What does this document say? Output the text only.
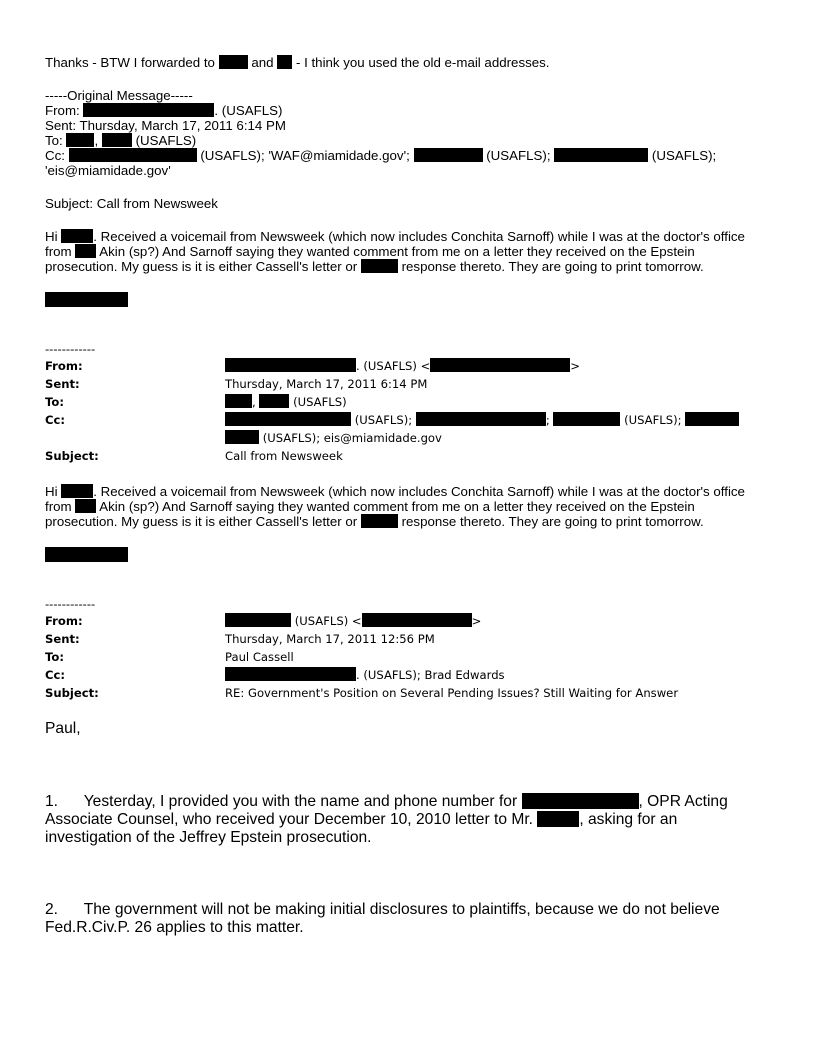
Thanks - BTW I forwarded to	and - I think you used the old e-mail addresses.
-----Original Message-----
From:	. (USAFLS)
Sent: Thursday, March 17, 2011 6:14 PM
To: ,	(USAFLS)
Cc:	(USAFLS); 'WAF@miamidade.gov';	(USAFLS);	(USAFLS);
'eis@miamidade.gov'
Subject: Call from Newsweek
Hi	. Received a voicemail from Newsweek (which now includes Conchita Sarnoff) while I was at the doctor's office
from Akin (sp?) And Sarnoff saying they wanted comment from me on a letter they received on the Epstein
prosecution. My guess is it is either Cassell's letter or	response thereto. They are going to print tomorrow.
------------
From:	. (USAFLS) <	>
Sent:	Thursday, March 17, 2011 6:14 PM
To:	,	(USAFLS)
Cc:	(USAFLS);	;	(USAFLS);
(USAFLS); eis@miamidade.gov
Subject:	Call from Newsweek
Hi	. Received a voicemail from Newsweek (which now includes Conchita Sarnoff) while I was at the doctor's office
from Akin (sp?) And Sarnoff saying they wanted comment from me on a letter they received on the Epstein
prosecution. My guess is it is either Cassell's letter or	response thereto. They are going to print tomorrow.
------------
From:	(USAFLS) <	>
Sent:	Thursday, March 17, 2011 12:56 PM
To:	Paul Cassell
Cc:	. (USAFLS); Brad Edwards
Subject:	RE: Government's Position on Several Pending Issues? Still Waiting for Answer
Paul,
1.      Yesterday, I provided you with the name and phone number for	, OPR Acting
Associate Counsel, who received your December 10, 2010 letter to Mr.	, asking for an
investigation of the Jeffrey Epstein prosecution.
2.      The government will not be making initial disclosures to plaintiffs, because we do not believe
Fed.R.Civ.P. 26 applies to this matter.
